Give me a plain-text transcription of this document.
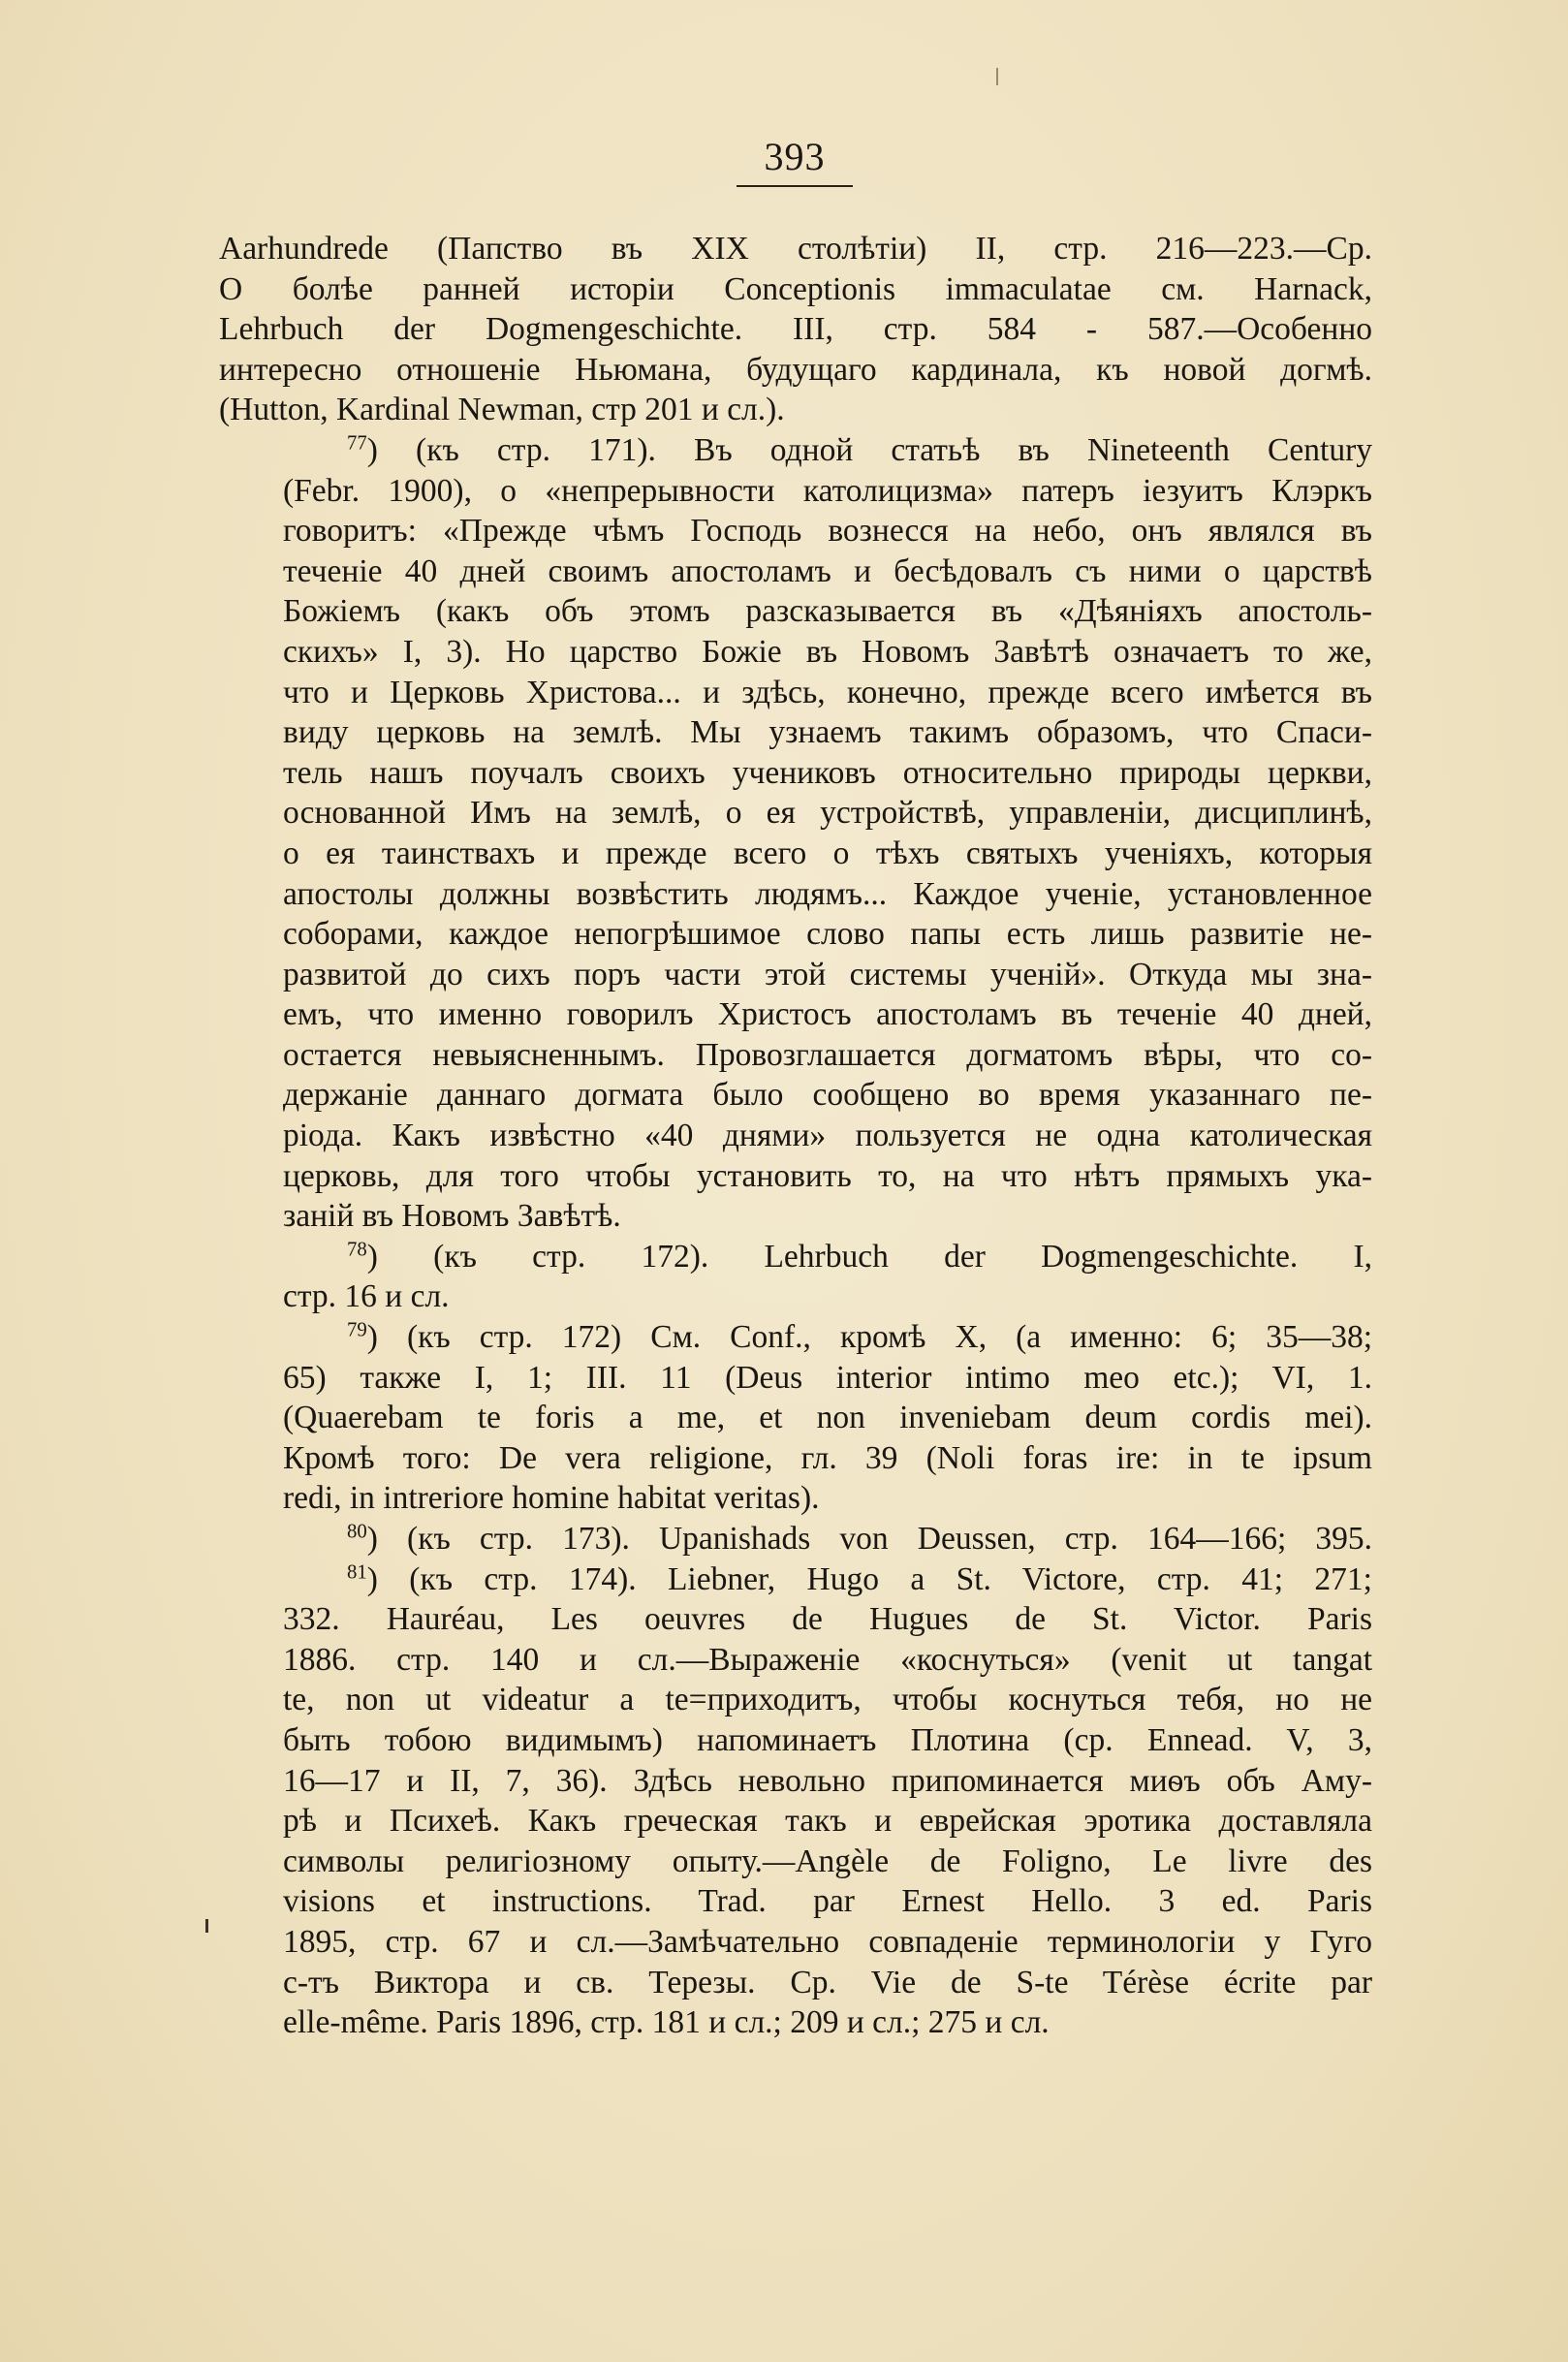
393

Aarhundrede (Папство въ XIX столѣтіи) II, стр. 216—223.—Ср.
О болѣе ранней исторіи Conceptionis immaculatae см. Harnack,
Lehrbuch der Dogmengeschichte. III, стр. 584 - 587.—Особенно
интересно отношеніе Ньюмана, будущаго кардинала, къ новой догмѣ.
(Hutton, Kardinal Newman, стр 201 и сл.).

$^{77}$) (къ стр. 171). Въ одной статьѣ въ Nineteenth Century
(Febr. 1900), о «непрерывности католицизма» патеръ іезуитъ Клэркъ
говоритъ: «Прежде чѣмъ Господь вознесся на небо, онъ являлся въ
теченіе 40 дней своимъ апостоламъ и бесѣдовалъ съ ними о царствѣ
Божіемъ (какъ объ этомъ разсказывается въ «Дѣяніяхъ апостоль-
скихъ» I, 3). Но царство Божіе въ Новомъ Завѣтѣ означаетъ то же,
что и Церковь Христова... и здѣсь, конечно, прежде всего имѣется въ
виду церковь на землѣ. Мы узнаемъ такимъ образомъ, что Спаси-
тель нашъ поучалъ своихъ учениковъ относительно природы церкви,
основанной Имъ на землѣ, о ея устройствѣ, управленіи, дисциплинѣ,
о ея таинствахъ и прежде всего о тѣхъ святыхъ ученіяхъ, которыя
апостолы должны возвѣстить людямъ... Каждое ученіе, установленное
соборами, каждое непогрѣшимое слово папы есть лишь развитіе не-
развитой до сихъ поръ части этой системы ученій». Откуда мы зна-
емъ, что именно говорилъ Христосъ апостоламъ въ теченіе 40 дней,
остается невыясненнымъ. Провозглашается догматомъ вѣры, что со-
держаніе даннаго догмата было сообщено во время указаннаго пе-
ріода. Какъ извѣстно «40 днями» пользуется не одна католическая
церковь, для того чтобы установить то, на что нѣтъ прямыхъ ука-
заній въ Новомъ Завѣтѣ.

$^{78}$) (къ стр. 172). Lehrbuch der Dogmengeschichte. I,
стр. 16 и сл.

$^{79}$) (къ стр. 172) См. Conf., кромѣ X, (а именно: 6; 35—38;
65) также I, 1; III. 11 (Deus interior intimo meo etc.); VI, 1.
(Quaerebam te foris a me, et non inveniebam deum cordis mei).
Кромѣ того: De vera religione, гл. 39 (Noli foras ire: in te ipsum
redi, in intreriore homine habitat veritas).

$^{80}$) (къ стр. 173). Upanishads von Deussen, стр. 164—166; 395.

$^{81}$) (къ стр. 174). Liebner, Hugo a St. Victore, стр. 41; 271;
332. Hauréau, Les oeuvres de Hugues de St. Victor. Paris
1886. стр. 140 и сл.—Выраженіе «коснуться» (venit ut tangat
te, non ut videatur a te=приходитъ, чтобы коснуться тебя, но не
быть тобою видимымъ) напоминаетъ Плотина (ср. Ennead. V, 3,
16—17 и II, 7, 36). Здѣсь невольно припоминается миѳъ объ Аму-
рѣ и Психеѣ. Какъ греческая такъ и еврейская эротика доставляла
символы религіозному опыту.—Angèle de Foligno, Le livre des
visions et instructions. Trad. par Ernest Hello. 3 ed. Paris
1895, стр. 67 и сл.—Замѣчательно совпаденіе терминологіи у Гуго
с-тъ Виктора и св. Терезы. Ср. Vie de S-te Térèse écrite par
elle-même. Paris 1896, стр. 181 и сл.; 209 и сл.; 275 и сл.
